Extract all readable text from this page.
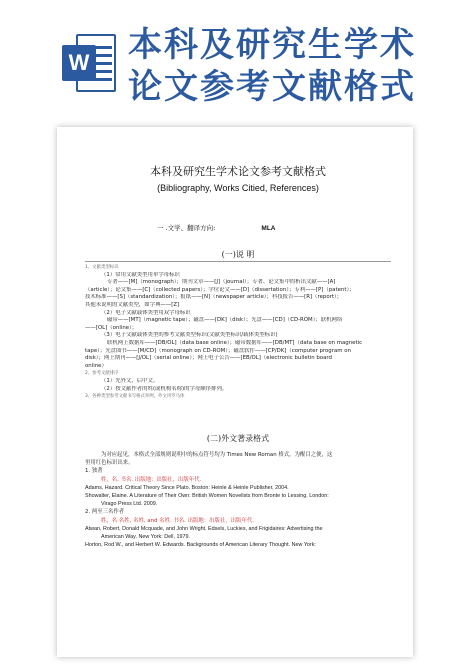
W 本科及研究生学术
论文参考文献格式
本科及研究生学术论文参考文献格式
(Bibliography, Works Citied, References)
一 .文学、翻译方向:	MLA
(一)说 明

1、文献类型标识

（1）常用文献类型用单字母标识

专著——[M]（monograph）；期刊文章——[J]（journal）；专著、论文集中的析出文献——[A]

（article）；论文集——[C]（collected papers）；学位论文——[D]（dissertation）；专利——[P]（patent）；

技术标准——[S]（standardization）；报纸——[N]（newspaper article）；科技报告——[R]（report）；

其他未说明的文献类型，如字典——[Z]

（2）电子文献载体类型用双字母标识

磁带——[MT]（magnetic tape）；磁盘——[DK]（disk）；光盘——[CD]（CD-ROM）；联机网络

——[OL]（online）；

（3）电子文献载体类型的参考文献类型标识(文献类型标识/载体类型标识)

联机网上数据库——[DB/OL]（data base online）；磁带数据库——[DB/MT]（data base on magnetic

tape）；光盘图书——[M/CD]（monograph on CD-ROM）；磁盘软件——[CP/DK]（computer program on

disk）；网上期刊——[J/OL]（serial online）；网上电子公告——[EB/OL]（electronic bulletin board

online）

2、参考文献排序

（1）先外文，后中文。

（2）按文献作者的姓(或机构名称)的字母顺序排列。

3、各种类型参考文献书写格式举例，外文用罗马体

(二)外文著录格式

为对应起见，本格式全部规则说明中的标点符号均为 Times New Roman 格式，为醒目之便，这

里用红色标识出来。

1. 独著

姓，名. 书名. 出版地：出版社，出版年代.

Adams, Hazard. Critical Theory Since Plato. Boston: Heinle & Heinle Publisher, 2004.

Showalter, Elaine. A Literature of Their Own: British Women Novelists from Bronte to Lessing. London:

Virago Press Ltd. 2009.

2. 两至三名作者

姓，名 名姓, 名姓, and 名姓. 书名. 出版地：出版社，出版年代.

Atwan, Robert, Donald Mcquade, and John Wright. Edsels, Luckies, and Frigidaires: Advertising the

American Way. New York: Dell, 1979.

Horton, Rod W., and Herbert W. Edwards. Backgrounds of American Literary Thought. New York:
